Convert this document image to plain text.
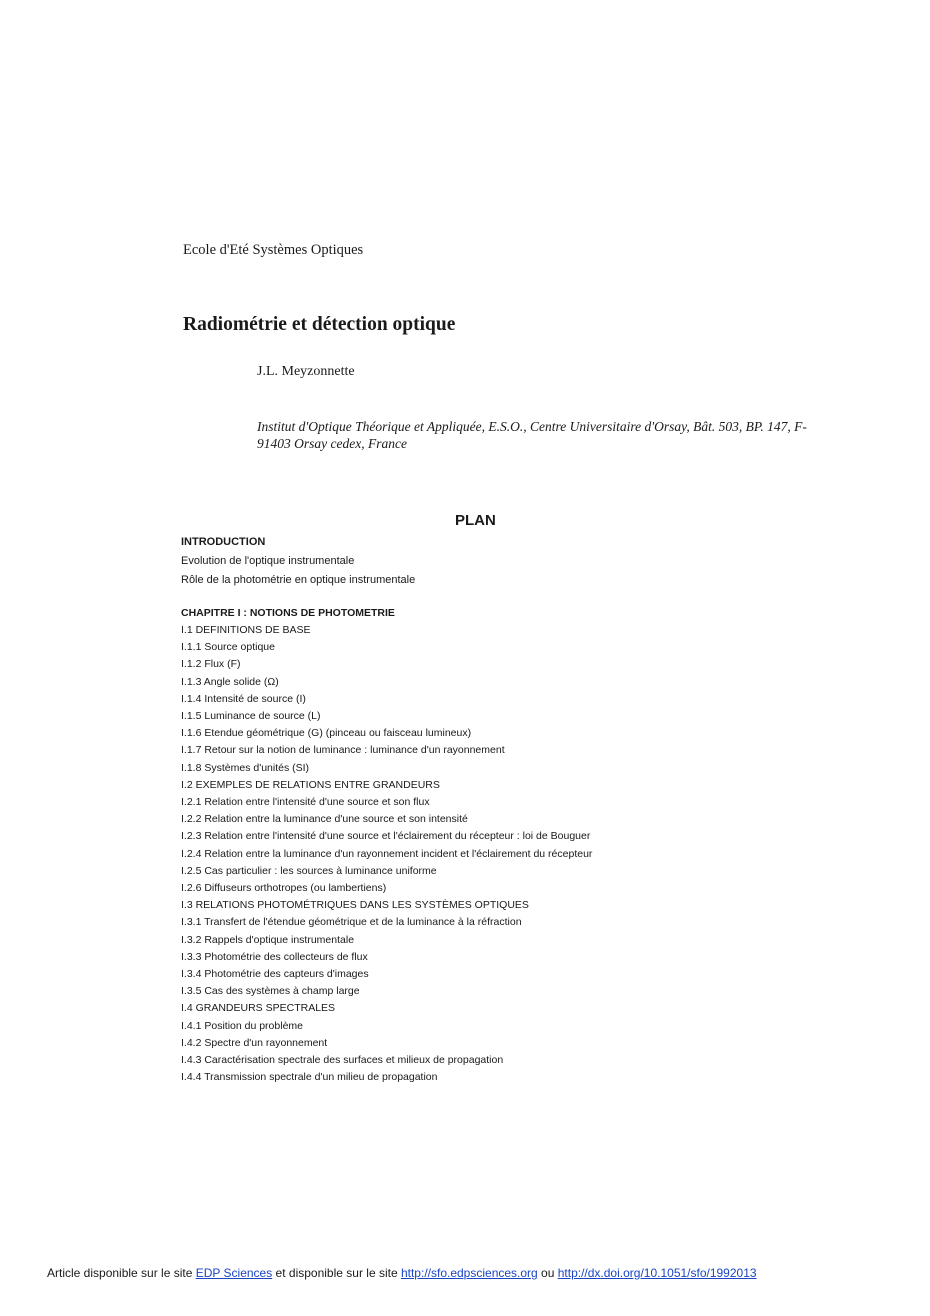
Ecole d'Eté Systèmes Optiques
Radiométrie et détection optique
J.L. Meyzonnette
Institut d'Optique Théorique et Appliquée, E.S.O., Centre Universitaire d'Orsay, Bât. 503, BP. 147, F-91403 Orsay cedex, France
PLAN
INTRODUCTION
Evolution de l'optique instrumentale
Rôle de la photométrie en optique instrumentale
CHAPITRE I : NOTIONS DE PHOTOMETRIE
I.1 DEFINITIONS DE BASE
I.1.1 Source optique
I.1.2 Flux (F)
I.1.3 Angle solide (Ω)
I.1.4 Intensité de source (I)
I.1.5 Luminance de source (L)
I.1.6 Etendue géométrique (G) (pinceau ou faisceau lumineux)
I.1.7 Retour sur la notion de luminance : luminance d'un rayonnement
I.1.8 Systèmes d'unités (SI)
I.2 EXEMPLES DE RELATIONS ENTRE GRANDEURS
I.2.1 Relation entre l'intensité d'une source et son flux
I.2.2 Relation entre la luminance d'une source et son intensité
I.2.3 Relation entre l'intensité d'une source et l'éclairement du récepteur : loi de Bouguer
I.2.4 Relation entre la luminance d'un rayonnement incident et l'éclairement du récepteur
I.2.5 Cas particulier : les sources à luminance uniforme
I.2.6 Diffuseurs orthotropes (ou lambertiens)
I.3 RELATIONS PHOTOMÉTRIQUES DANS LES SYSTÈMES OPTIQUES
I.3.1 Transfert de l'étendue géométrique et de la luminance à la réfraction
I.3.2 Rappels d'optique instrumentale
I.3.3 Photométrie des collecteurs de flux
I.3.4 Photométrie des capteurs d'images
I.3.5 Cas des systèmes à champ large
I.4 GRANDEURS SPECTRALES
I.4.1 Position du problème
I.4.2 Spectre d'un rayonnement
I.4.3 Caractérisation spectrale des surfaces et milieux de propagation
I.4.4 Transmission spectrale d'un milieu de propagation
Article disponible sur le site EDP Sciences et disponible sur le site http://sfo.edpsciences.org ou http://dx.doi.org/10.1051/sfo/1992013
